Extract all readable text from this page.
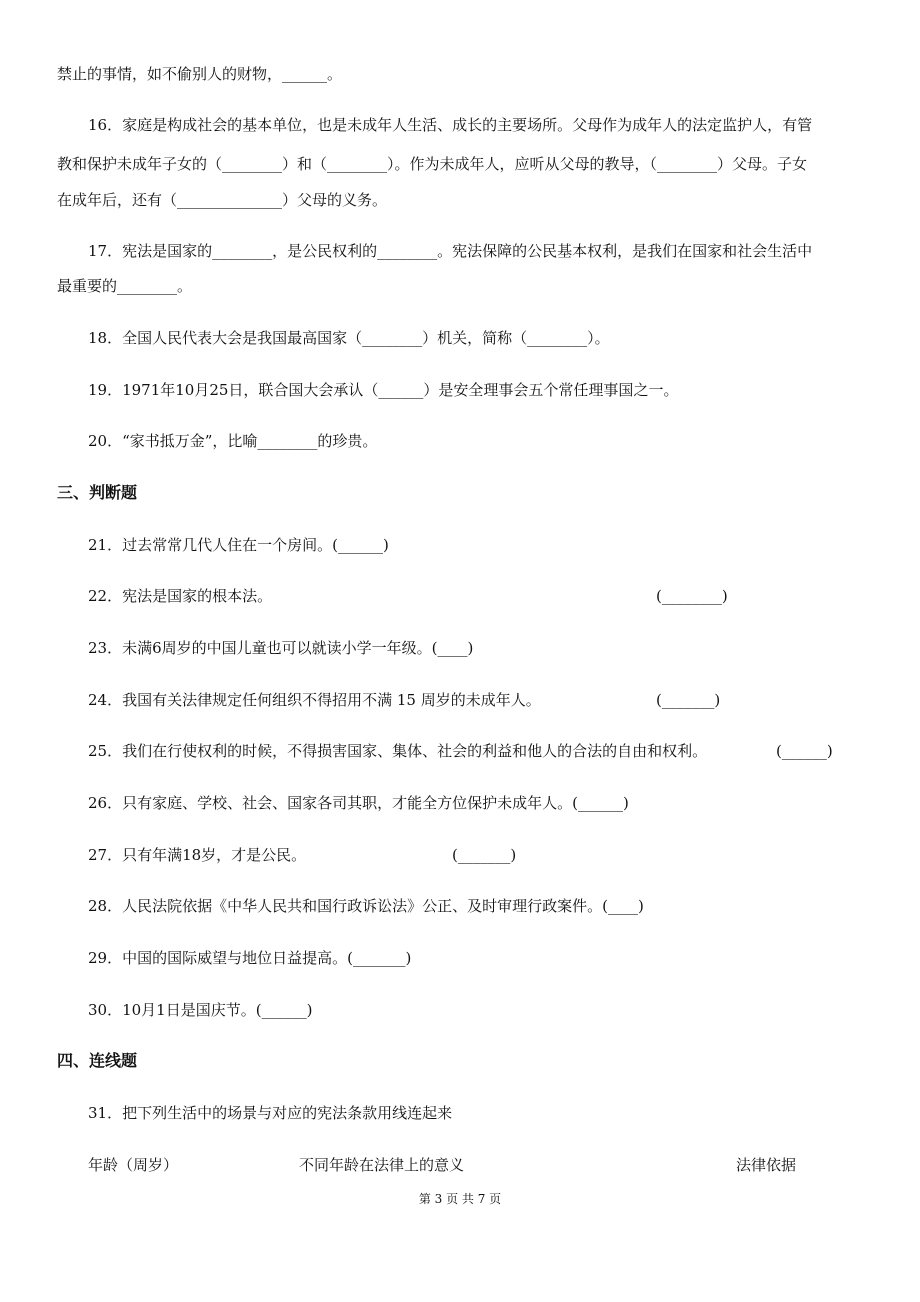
禁止的事情，如不偷别人的财物，______。
16．家庭是构成社会的基本单位，也是未成年人生活、成长的主要场所。父母作为成年人的法定监护人，有管
教和保护未成年子女的（________）和（________）。作为未成年人，应听从父母的教导，（________）父母。子女
在成年后，还有（______________）父母的义务。
17．宪法是国家的________，是公民权利的________。宪法保障的公民基本权利，是我们在国家和社会生活中
最重要的________。
18．全国人民代表大会是我国最高国家（________）机关，简称（________）。
19．1971年10月25日，联合国大会承认（______）是安全理事会五个常任理事国之一。
20．“家书抵万金”，比喻________的珍贵。
三、判断题
21．过去常常几代人住在一个房间。(______)
22．宪法是国家的根本法。	(________)
23．未满6周岁的中国儿童也可以就读小学一年级。(____)
24．我国有关法律规定任何组织不得招用不满 15 周岁的未成年人。	(_______)
25．我们在行使权利的时候，不得损害国家、集体、社会的利益和他人的合法的自由和权利。	(______)
26．只有家庭、学校、社会、国家各司其职，才能全方位保护未成年人。(______)
27．只有年满18岁，才是公民。	(_______)
28．人民法院依据《中华人民共和国行政诉讼法》公正、及时审理行政案件。(____)
29．中国的国际威望与地位日益提高。(_______)
30．10月1日是国庆节。(______)
四、连线题
31．把下列生活中的场景与对应的宪法条款用线连起来
年龄（周岁）	不同年龄在法律上的意义	法律依据
第 3 页 共 7 页
